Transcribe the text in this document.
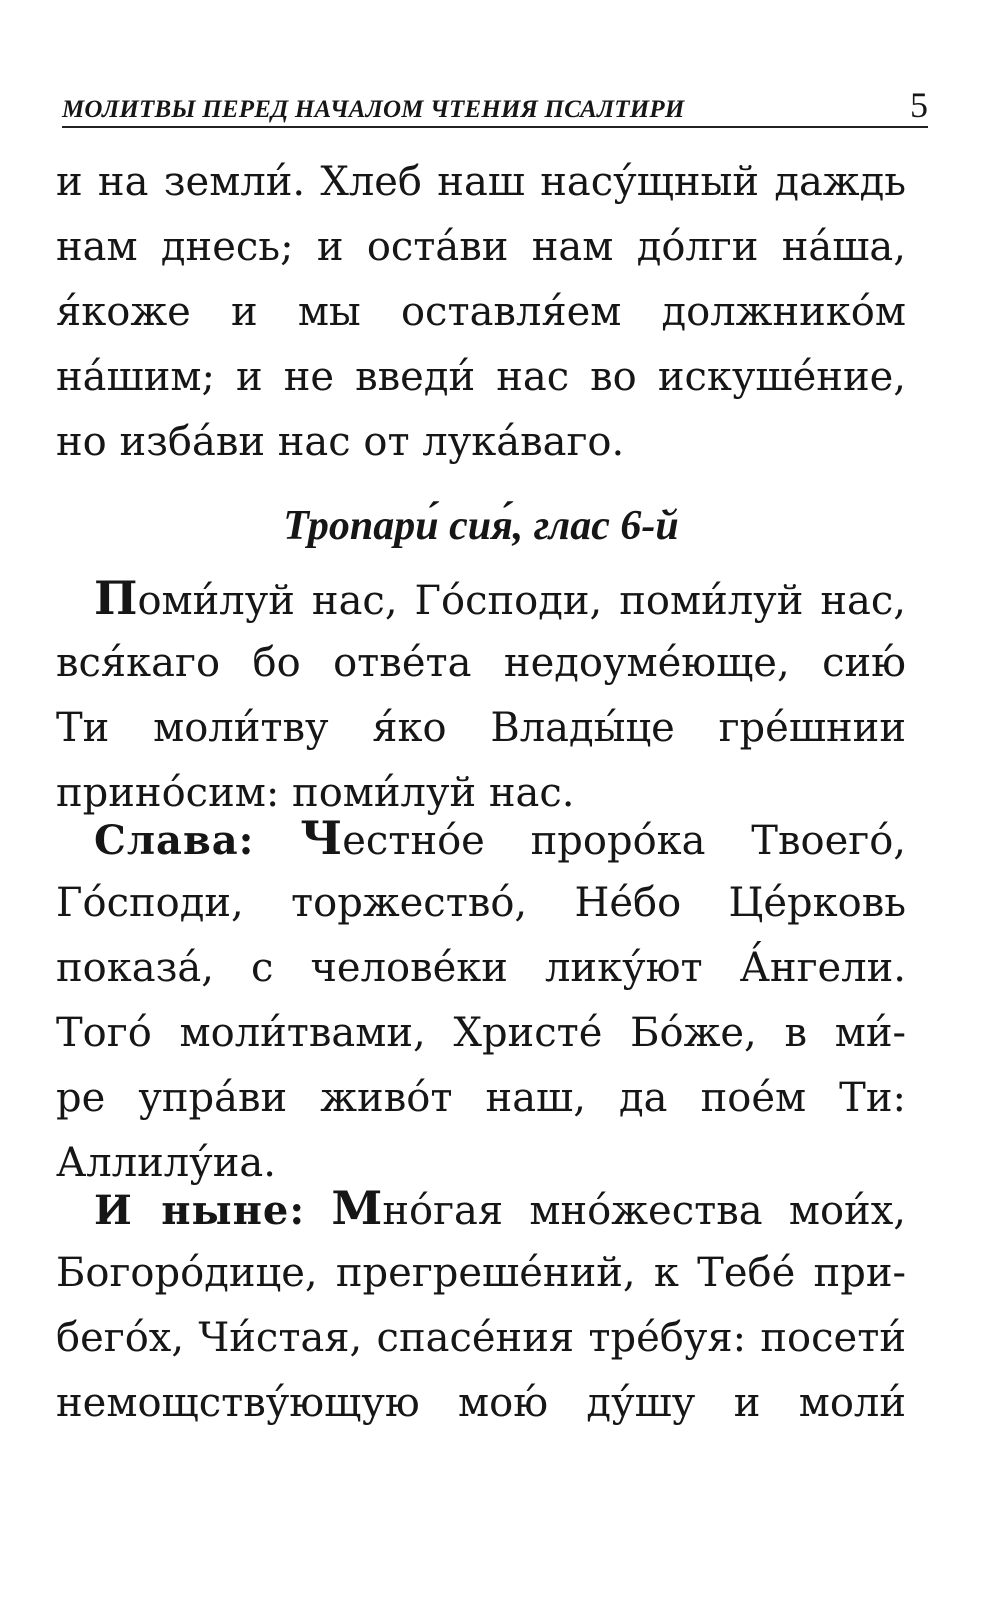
МОЛИТВЫ ПЕРЕД НАЧАЛОМ ЧТЕНИЯ ПСАЛТИРИ	5
и на земли́. Хлеб наш насу́щный даждь
нам днесь; и оста́ви нам до́лги на́ша,
я́коже и мы оставля́ем должнико́м
на́шим; и не введи́ нас во искуше́ние,
но изба́ви нас от лука́ваго.
Тропари́ сия́, глас 6-й
Поми́луй нас, Го́споди, поми́луй нас,
вся́каго бо отве́та недоуме́юще, сию́
Ти моли́тву я́ко Влады́це гре́шнии
прино́сим: поми́луй нас.
Слава: Честно́е проро́ка Твоего́,
Го́споди, торжество́, Не́бо Це́рковь
показа́, с челове́ки лику́ют А́нгели.
Того́ моли́твами, Христе́ Бо́же, в ми́-
ре упра́ви живо́т наш, да пое́м Ти:
Аллилу́иа.
И ныне: Мно́гая мно́жества мои́х,
Богоро́дице, прегреше́ний, к Тебе́ при-
бего́х, Чи́стая, спасе́ния тре́буя: посети́
немощству́ющую мою́ ду́шу и моли́
